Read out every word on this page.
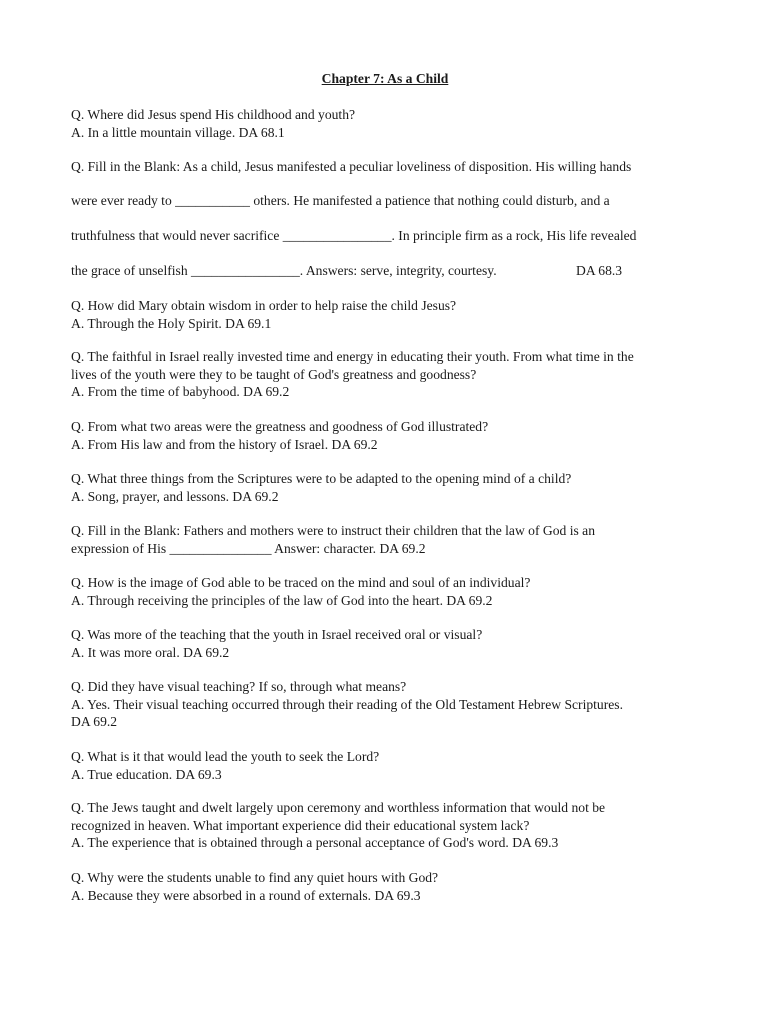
Chapter 7: As a Child

Q. Where did Jesus spend His childhood and youth?

A. In a little mountain village. DA 68.1

Q. Fill in the Blank: As a child, Jesus manifested a peculiar loveliness of disposition. His willing hands

were ever ready to ___________ others. He manifested a patience that nothing could disturb, and a

truthfulness that would never sacrifice ________________. In principle firm as a rock, His life revealed

the grace of unselfish ________________. Answers: serve, integrity, courtesy.	DA 68.3

Q. How did Mary obtain wisdom in order to help raise the child Jesus?

A. Through the Holy Spirit. DA 69.1

Q. The faithful in Israel really invested time and energy in educating their youth. From what time in the

lives of the youth were they to be taught of God's greatness and goodness?

A. From the time of babyhood. DA 69.2

Q. From what two areas were the greatness and goodness of God illustrated?

A. From His law and from the history of Israel. DA 69.2

Q. What three things from the Scriptures were to be adapted to the opening mind of a child?

A. Song, prayer, and lessons. DA 69.2

Q. Fill in the Blank: Fathers and mothers were to instruct their children that the law of God is an

expression of His _______________ Answer: character. DA 69.2

Q. How is the image of God able to be traced on the mind and soul of an individual?

A. Through receiving the principles of the law of God into the heart. DA 69.2

Q. Was more of the teaching that the youth in Israel received oral or visual?

A. It was more oral. DA 69.2

Q. Did they have visual teaching? If so, through what means?

A. Yes. Their visual teaching occurred through their reading of the Old Testament Hebrew Scriptures.

DA 69.2

Q. What is it that would lead the youth to seek the Lord?

A. True education. DA 69.3

Q. The Jews taught and dwelt largely upon ceremony and worthless information that would not be

recognized in heaven. What important experience did their educational system lack?

A. The experience that is obtained through a personal acceptance of God's word. DA 69.3

Q. Why were the students unable to find any quiet hours with God?

A. Because they were absorbed in a round of externals. DA 69.3
